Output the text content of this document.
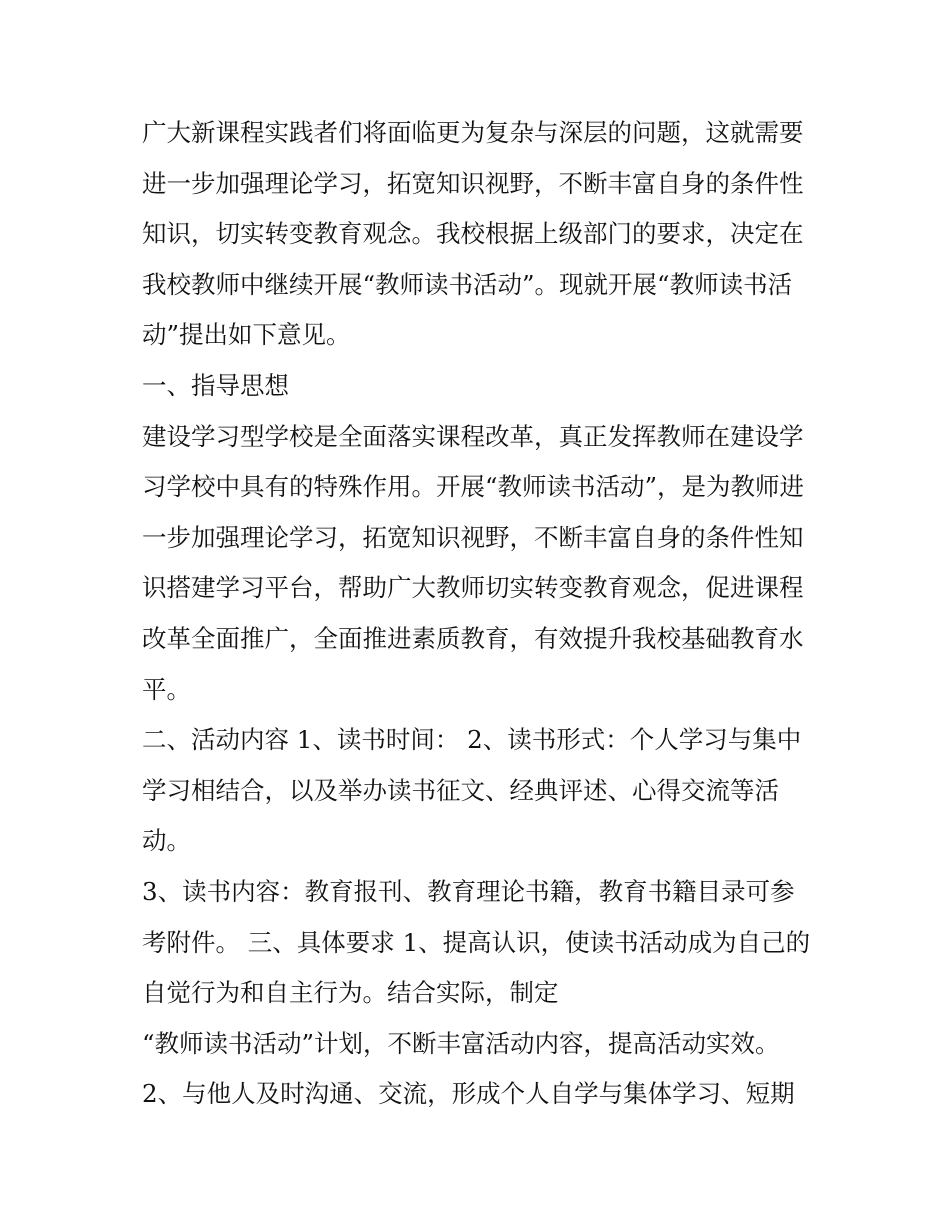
广大新课程实践者们将面临更为复杂与深层的问题，这就需要
进一步加强理论学习，拓宽知识视野，不断丰富自身的条件性
知识，切实转变教育观念。我校根据上级部门的要求，决定在
我校教师中继续开展“教师读书活动”。现就开展“教师读书活
动”提出如下意见。
一、指导思想
建设学习型学校是全面落实课程改革，真正发挥教师在建设学
习学校中具有的特殊作用。开展“教师读书活动”，是为教师进
一步加强理论学习，拓宽知识视野，不断丰富自身的条件性知
识搭建学习平台，帮助广大教师切实转变教育观念，促进课程
改革全面推广，全面推进素质教育，有效提升我校基础教育水
平。
二、活动内容 1、读书时间： 2、读书形式：个人学习与集中
学习相结合，以及举办读书征文、经典评述、心得交流等活
动。
3、读书内容：教育报刊、教育理论书籍，教育书籍目录可参
考附件。 三、具体要求 1、提高认识，使读书活动成为自己的
自觉行为和自主行为。结合实际，制定
“教师读书活动”计划，不断丰富活动内容，提高活动实效。
2、与他人及时沟通、交流，形成个人自学与集体学习、短期
